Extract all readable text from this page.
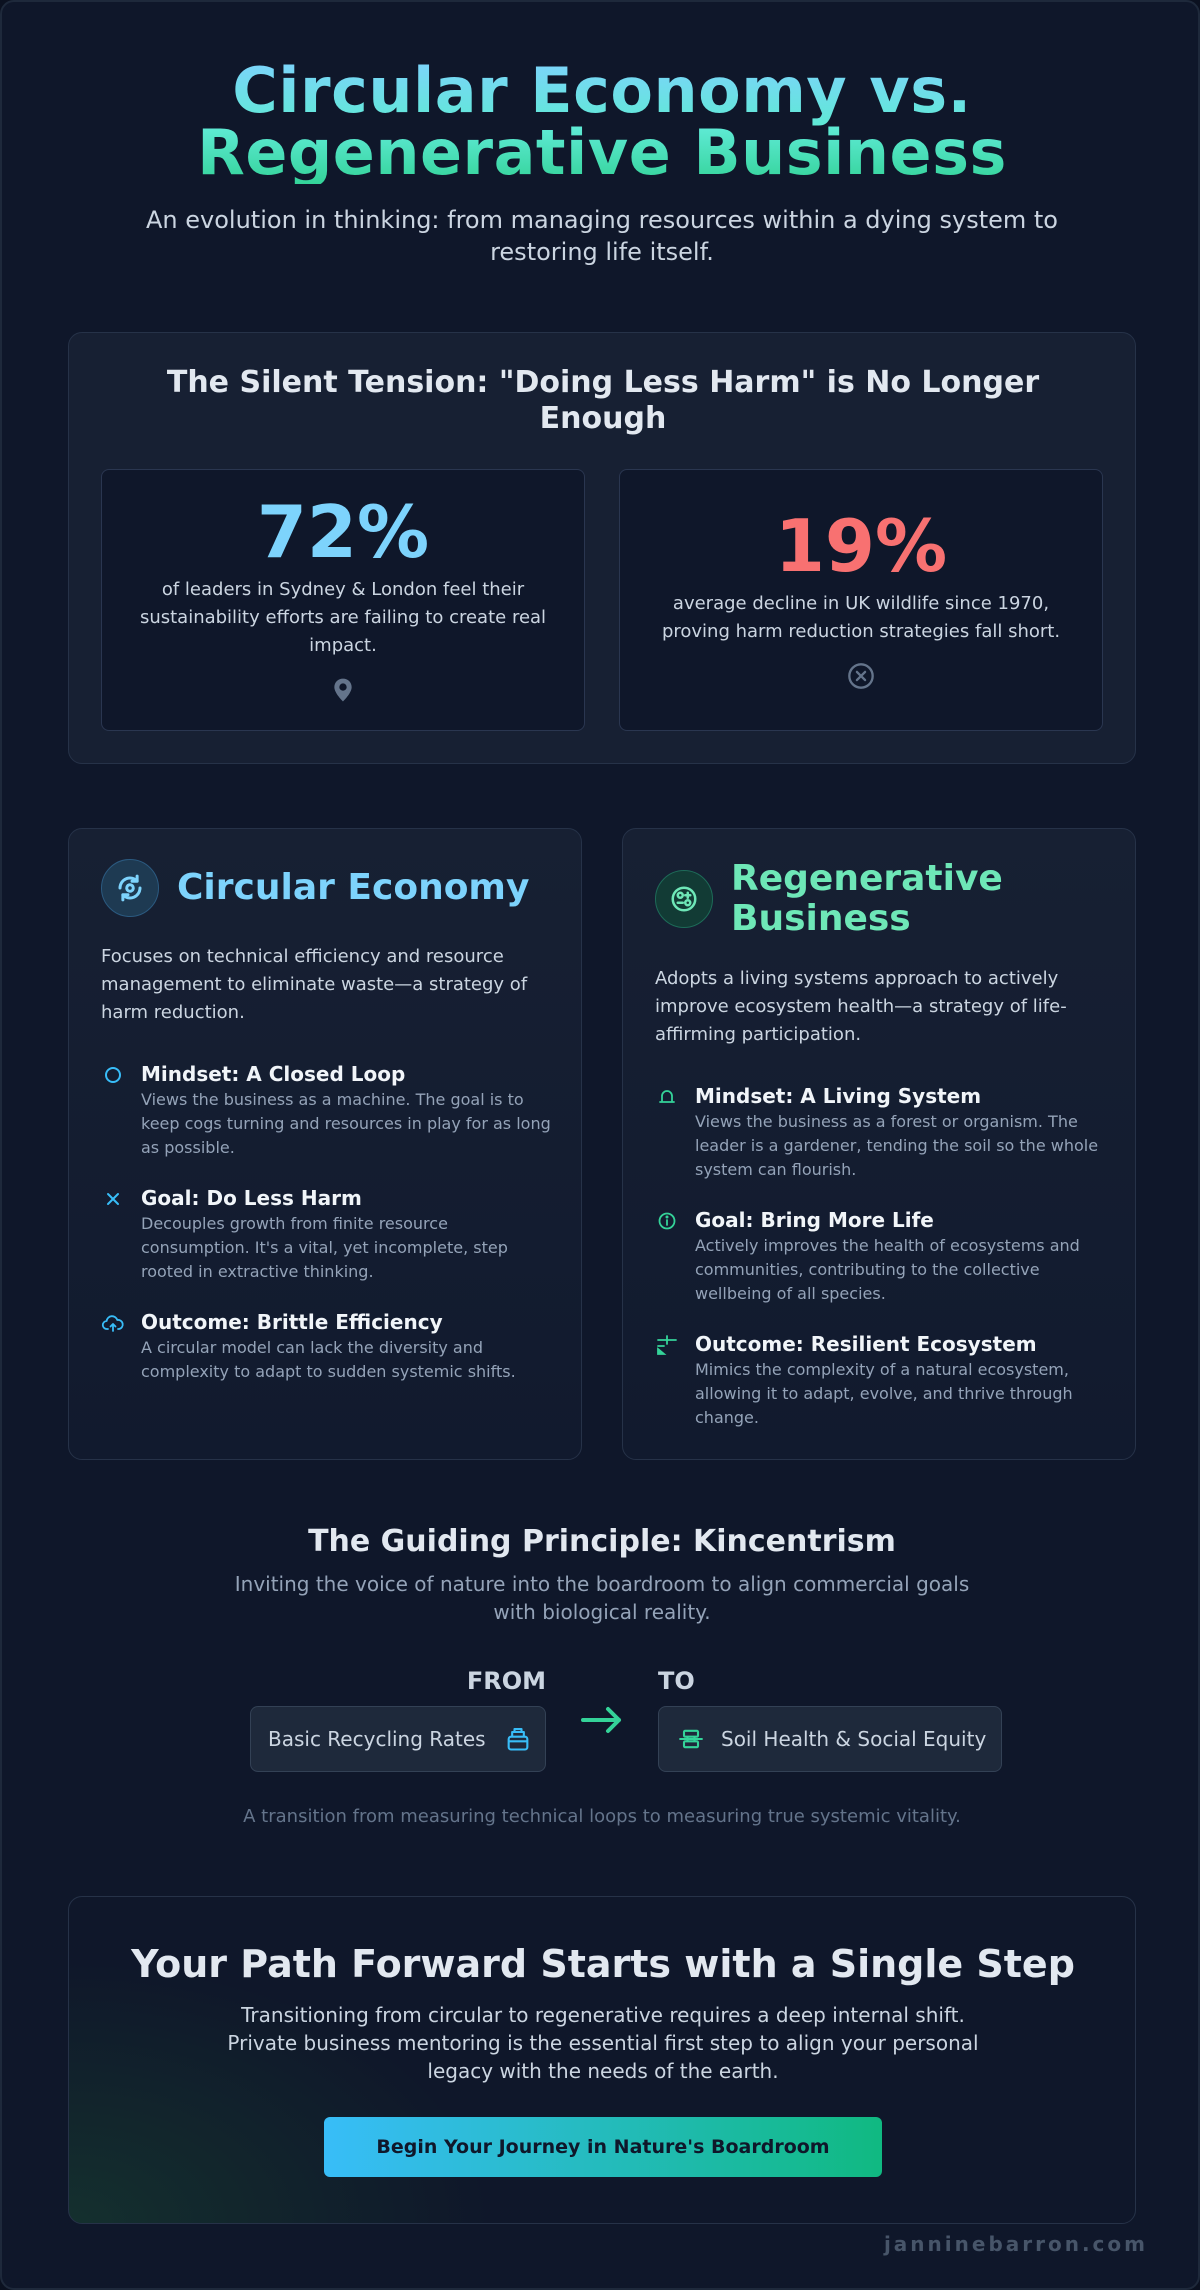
Circular Economy vs.
Regenerative Business

An evolution in thinking: from managing resources within a dying system to restoring life itself.

The Silent Tension: "Doing Less Harm" is No Longer Enough
72%

of leaders in Sydney & London feel their sustainability efforts are failing to create real impact.

19%

average decline in UK wildlife since 1970, proving harm reduction strategies fall short.

Circular Economy

Focuses on technical efficiency and resource management to eliminate waste—a strategy of harm reduction.

Mindset: A Closed Loop
Views the business as a machine. The goal is to keep cogs turning and resources in play for as long as possible.
Goal: Do Less Harm
Decouples growth from finite resource consumption. It's a vital, yet incomplete, step rooted in extractive thinking.
Outcome: Brittle Efficiency
A circular model can lack the diversity and complexity to adapt to sudden systemic shifts.
Regenerative Business

Adopts a living systems approach to actively improve ecosystem health—a strategy of life-affirming participation.

Mindset: A Living System
Views the business as a forest or organism. The leader is a gardener, tending the soil so the whole system can flourish.
Goal: Bring More Life
Actively improves the health of ecosystems and communities, contributing to the collective wellbeing of all species.
Outcome: Resilient Ecosystem
Mimics the complexity of a natural ecosystem, allowing it to adapt, evolve, and thrive through change.
The Guiding Principle: Kincentrism

Inviting the voice of nature into the boardroom to align commercial goals with biological reality.

FROM	TO
Basic Recycling Rates	Soil Health & Social Equity

A transition from measuring technical loops to measuring true systemic vitality.

Your Path Forward Starts with a Single Step

Transitioning from circular to regenerative requires a deep internal shift. Private business mentoring is the essential first step to align your personal legacy with the needs of the earth.

Begin Your Journey in Nature's Boardroom
janninebarron.com
